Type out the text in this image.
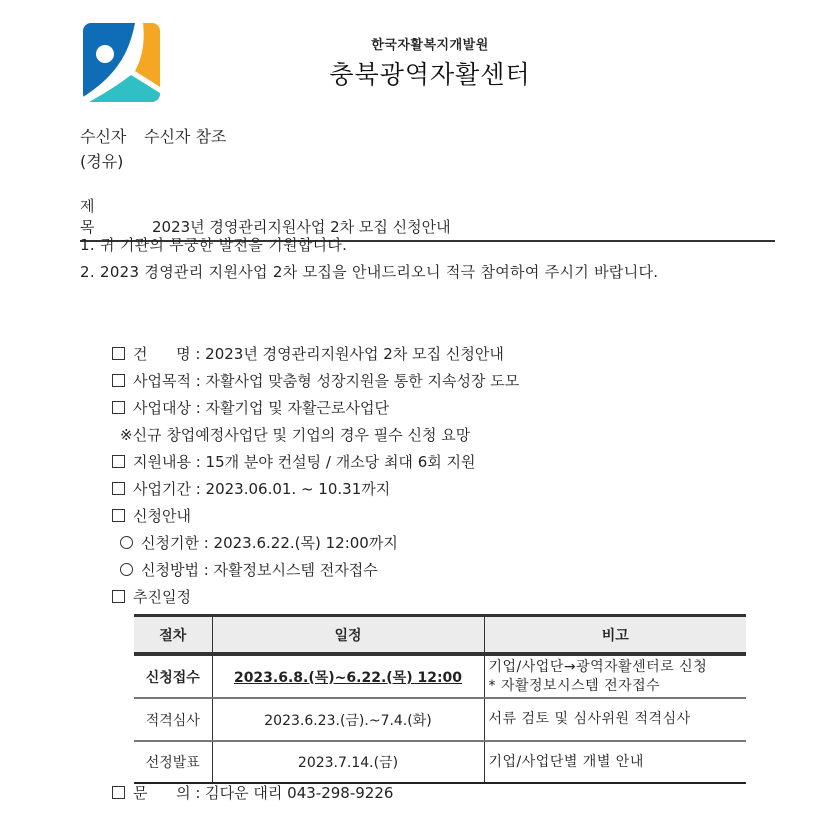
한국자활복지개발원
충북광역자활센터
수신자 수신자 참조
(경유)
제 목	2023년 경영관리지원사업 2차 모집 신청안내
1. 귀 기관의 무궁한 발전을 기원합니다.
2. 2023 경영관리 지원사업 2차 모집을 안내드리오니 적극 참여하여 주시기 바랍니다.
건      명 : 2023년 경영관리지원사업 2차 모집 신청안내
사업목적 : 자활사업 맞춤형 성장지원을 통한 지속성장 도모
사업대상 : 자활기업 및 자활근로사업단
※신규 창업예정사업단 및 기업의 경우 필수 신청 요망
지원내용 : 15개 분야 컨설팅 / 개소당 최대 6회 지원
사업기간 : 2023.06.01. ~ 10.31까지
신청안내
신청기한 : 2023.6.22.(목) 12:00까지
신청방법 : 자활정보시스템 전자접수
추진일정
절차	일정	비고
신청접수	2023.6.8.(목)~6.22.(목) 12:00	기업/사업단→광역자활센터로 신청
* 자활정보시스템 전자접수

적격심사	2023.6.23.(금).~7.4.(화)	서류 검토 및 심사위원 적격심사
선정발표	2023.7.14.(금)	기업/사업단별 개별 안내
문      의 : 김다운 대리 043-298-9226
